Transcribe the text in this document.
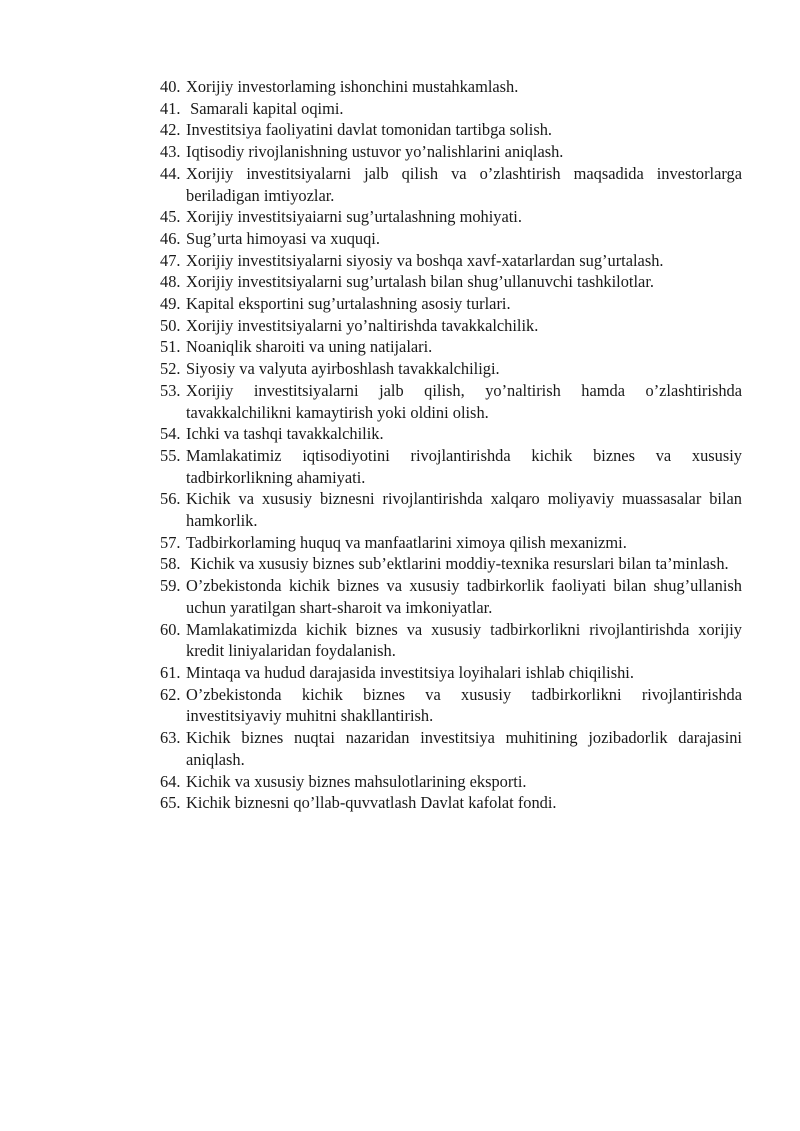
40. Xorijiy investorlaming ishonchini mustahkamlash.
41. Samarali kapital oqimi.
42. Investitsiya faoliyatini davlat tomonidan tartibga solish.
43. Iqtisodiy rivojlanishning ustuvor yo’nalishlarini aniqlash.
44. Xorijiy investitsiyalarni jalb qilish va o’zlashtirish maqsadida investorlarga beriladigan imtiyozlar.
45. Xorijiy investitsiyaiarni sug’urtalashning mohiyati.
46. Sug’urta himoyasi va xuquqi.
47. Xorijiy investitsiyalarni siyosiy va boshqa xavf-xatarlardan sug’urtalash.
48. Xorijiy investitsiyalarni sug’urtalash bilan shug’ullanuvchi tashkilotlar.
49. Kapital eksportini sug’urtalashning asosiy turlari.
50. Xorijiy investitsiyalarni yo’naltirishda tavakkalchilik.
51. Noaniqlik sharoiti va uning natijalari.
52. Siyosiy va valyuta ayirboshlash tavakkalchiligi.
53. Xorijiy investitsiyalarni jalb qilish, yo’naltirish hamda o’zlashtirishda tavakkalchilikni kamaytirish yoki oldini olish.
54. Ichki va tashqi tavakkalchilik.
55. Mamlakatimiz iqtisodiyotini rivojlantirishda kichik biznes va xususiy tadbirkorlikning ahamiyati.
56. Kichik va xususiy biznesni rivojlantirishda xalqaro moliyaviy muassasalar bilan hamkorlik.
57. Tadbirkorlaming huquq va manfaatlarini ximoya qilish mexanizmi.
58. Kichik va xususiy biznes sub’ektlarini moddiy-texnika resurslari bilan ta’minlash.
59. O’zbekistonda kichik biznes va xususiy tadbirkorlik faoliyati bilan shug’ullanish uchun yaratilgan shart-sharoit va imkoniyatlar.
60. Mamlakatimizda kichik biznes va xususiy tadbirkorlikni rivojlantirishda xorijiy kredit liniyalaridan foydalanish.
61. Mintaqa va hudud darajasida investitsiya loyihalari ishlab chiqilishi.
62. O’zbekistonda kichik biznes va xususiy tadbirkorlikni rivojlantirishda investitsiyaviy muhitni shakllantirish.
63. Kichik biznes nuqtai nazaridan investitsiya muhitining jozibadorlik darajasini aniqlash.
64. Kichik va xususiy biznes mahsulotlarining eksporti.
65. Kichik biznesni qo’llab-quvvatlash Davlat kafolat fondi.
